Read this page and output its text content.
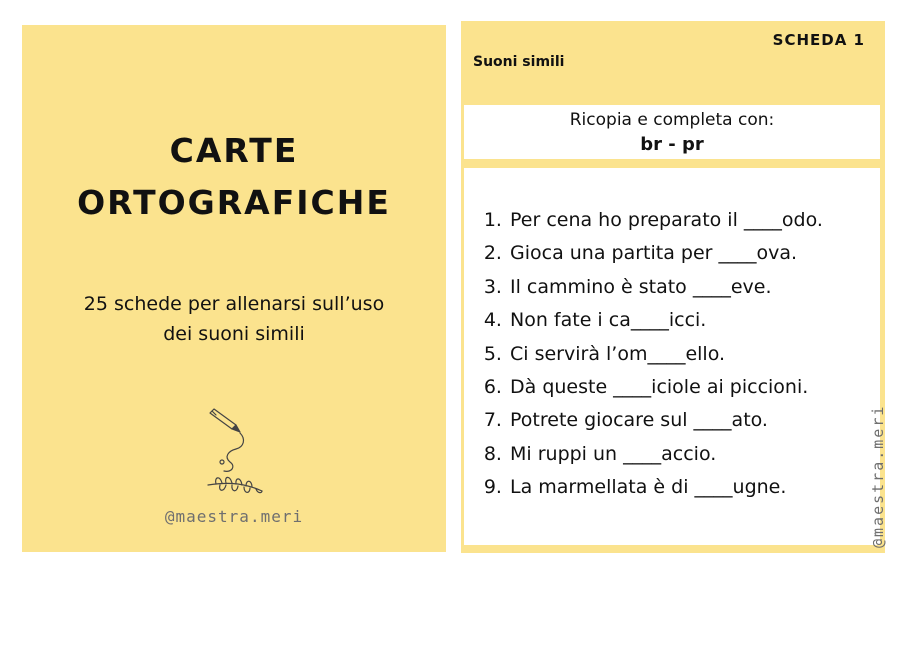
CARTE
ORTOGRAFICHE
25 schede per allenarsi sull’uso
dei suoni simili
@maestra.meri
SCHEDA 1
Suoni simili
Ricopia e completa con:
br - pr
1. Per cena ho preparato il ____odo.
2. Gioca una partita per ____ova.
3. Il cammino è stato ____eve.
4. Non fate i ca____icci.
5. Ci servirà l’om____ello.
6. Dà queste ____iciole ai piccioni.
7. Potrete giocare sul ____ato.
8. Mi ruppi un ____accio.
9. La marmellata è di ____ugne.	@maestra.meri
